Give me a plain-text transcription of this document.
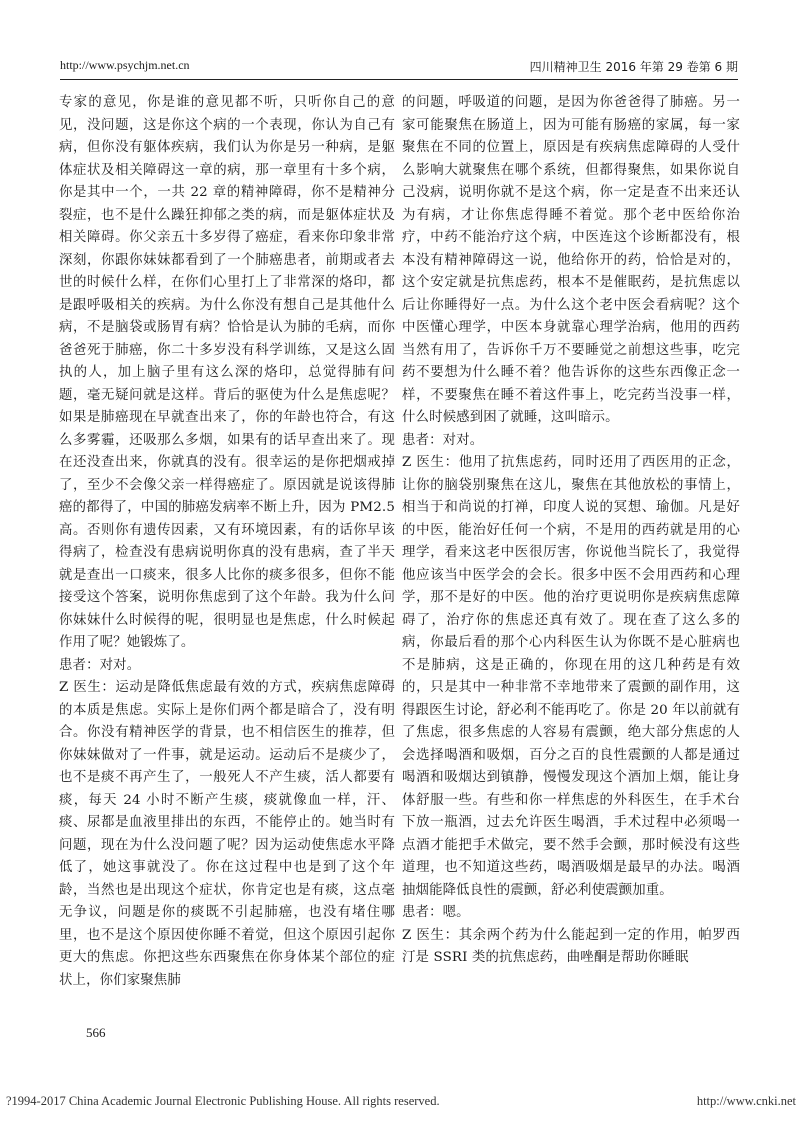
http://www.psychjm.net.cn	四川精神卫生 2016 年第 29 卷第 6 期

专家的意见，你是谁的意见都不听，只听你自己的意见，没问题，这是你这个病的一个表现，你认为自己有病，但你没有躯体疾病，我们认为你是另一种病，是躯体症状及相关障碍这一章的病，那一章里有十多个病，你是其中一个，一共 22 章的精神障碍，你不是精神分裂症，也不是什么躁狂抑郁之类的病，而是躯体症状及相关障碍。你父亲五十多岁得了癌症，看来你印象非常深刻，你跟你妹妹都看到了一个肺癌患者，前期或者去世的时候什么样，在你们心里打上了非常深的烙印，都是跟呼吸相关的疾病。为什么你没有想自己是其他什么病，不是脑袋或肠胃有病？恰恰是认为肺的毛病，而你爸爸死于肺癌，你二十多岁没有科学训练，又是这么固执的人，加上脑子里有这么深的烙印，总觉得肺有问题，毫无疑问就是这样。背后的驱使为什么是焦虑呢？如果是肺癌现在早就查出来了，你的年龄也符合，有这么多雾霾，还吸那么多烟，如果有的话早查出来了。现在还没查出来，你就真的没有。很幸运的是你把烟戒掉了，至少不会像父亲一样得癌症了。原因就是说该得肺癌的都得了，中国的肺癌发病率不断上升，因为 PM2.5 高。否则你有遗传因素，又有环境因素，有的话你早该得病了，检查没有患病说明你真的没有患病，查了半天就是查出一口痰来，很多人比你的痰多很多，但你不能接受这个答案，说明你焦虑到了这个年龄。我为什么问你妹妹什么时候得的呢，很明显也是焦虑，什么时候起作用了呢？她锻炼了。

患者：对对。

Z 医生：运动是降低焦虑最有效的方式，疾病焦虑障碍的本质是焦虑。实际上是你们两个都是暗合了，没有明合。你没有精神医学的背景，也不相信医生的推荐，但你妹妹做对了一件事，就是运动。运动后不是痰少了，也不是痰不再产生了，一般死人不产生痰，活人都要有痰，每天 24 小时不断产生痰，痰就像血一样，汗、痰、尿都是血液里排出的东西，不能停止的。她当时有问题，现在为什么没问题了呢？因为运动使焦虑水平降低了，她这事就没了。你在这过程中也是到了这个年龄，当然也是出现这个症状，你肯定也是有痰，这点毫无争议，问题是你的痰既不引起肺癌，也没有堵住哪里，也不是这个原因使你睡不着觉，但这个原因引起你更大的焦虑。你把这些东西聚焦在你身体某个部位的症状上，你们家聚焦肺

的问题，呼吸道的问题，是因为你爸爸得了肺癌。另一家可能聚焦在肠道上，因为可能有肠癌的家属，每一家聚焦在不同的位置上，原因是有疾病焦虑障碍的人受什么影响大就聚焦在哪个系统，但都得聚焦，如果你说自己没病，说明你就不是这个病，你一定是查不出来还认为有病，才让你焦虑得睡不着觉。那个老中医给你治疗，中药不能治疗这个病，中医连这个诊断都没有，根本没有精神障碍这一说，他给你开的药，恰恰是对的，这个安定就是抗焦虑药，根本不是催眠药，是抗焦虑以后让你睡得好一点。为什么这个老中医会看病呢？这个中医懂心理学，中医本身就靠心理学治病，他用的西药当然有用了，告诉你千万不要睡觉之前想这些事，吃完药不要想为什么睡不着？他告诉你的这些东西像正念一样，不要聚焦在睡不着这件事上，吃完药当没事一样，什么时候感到困了就睡，这叫暗示。

患者：对对。

Z 医生：他用了抗焦虑药，同时还用了西医用的正念，让你的脑袋别聚焦在这儿，聚焦在其他放松的事情上，相当于和尚说的打禅，印度人说的冥想、瑜伽。凡是好的中医，能治好任何一个病，不是用的西药就是用的心理学，看来这老中医很厉害，你说他当院长了，我觉得他应该当中医学会的会长。很多中医不会用西药和心理学，那不是好的中医。他的治疗更说明你是疾病焦虑障碍了，治疗你的焦虑还真有效了。现在查了这么多的病，你最后看的那个心内科医生认为你既不是心脏病也不是肺病，这是正确的，你现在用的这几种药是有效的，只是其中一种非常不幸地带来了震颤的副作用，这得跟医生讨论，舒必利不能再吃了。你是 20 年以前就有了焦虑，很多焦虑的人容易有震颤，绝大部分焦虑的人会选择喝酒和吸烟，百分之百的良性震颤的人都是通过喝酒和吸烟达到镇静，慢慢发现这个酒加上烟，能让身体舒服一些。有些和你一样焦虑的外科医生，在手术台下放一瓶酒，过去允许医生喝酒，手术过程中必须喝一点酒才能把手术做完，要不然手会颤，那时候没有这些道理，也不知道这些药，喝酒吸烟是最早的办法。喝酒抽烟能降低良性的震颤，舒必利使震颤加重。

患者：嗯。

Z 医生：其余两个药为什么能起到一定的作用，帕罗西汀是 SSRI 类的抗焦虑药，曲唑酮是帮助你睡眠

566
?1994-2017 China Academic Journal Electronic Publishing House. All rights reserved.	http://www.cnki.net
